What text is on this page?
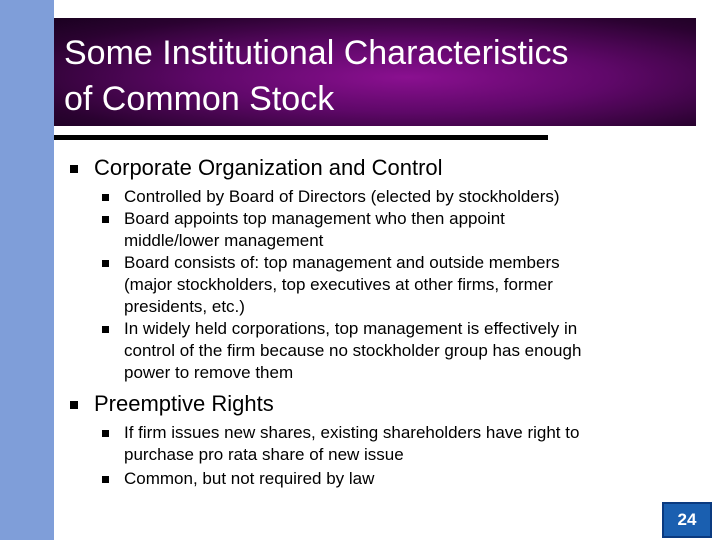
Some Institutional Characteristics
of Common Stock
Corporate Organization and Control
Controlled by Board of Directors (elected by stockholders)
Board appoints top management who then appoint
middle/lower management
Board consists of: top management and outside members
(major stockholders, top executives at other firms, former
presidents, etc.)
In widely held corporations, top management is effectively in
control of the firm because no stockholder group has enough
power to remove them
Preemptive Rights
If firm issues new shares, existing shareholders have right to
purchase pro rata share of new issue
Common, but not required by law
24
